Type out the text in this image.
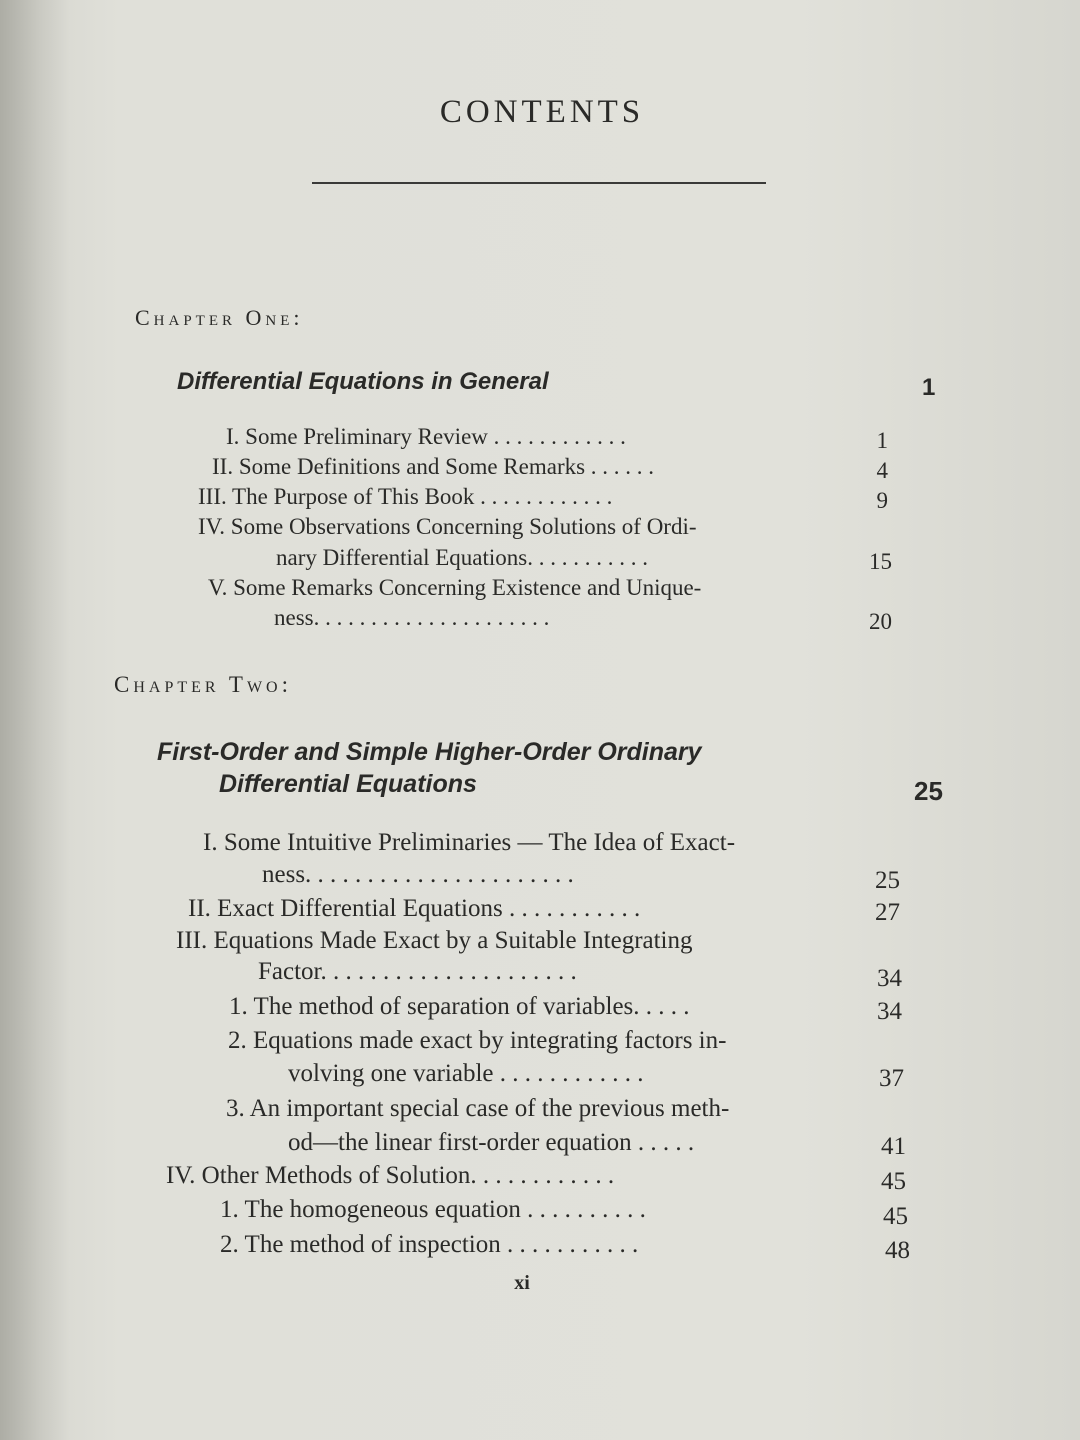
CONTENTS
Chapter One:
Differential Equations in General	1
I. Some Preliminary Review . . . . . . . . . . . .	1
II. Some Definitions and Some Remarks . . . . . .	4
III. The Purpose of This Book . . . . . . . . . . . .	9
IV. Some Observations Concerning Solutions of Ordi-
nary Differential Equations. . . . . . . . . . .	15
V. Some Remarks Concerning Existence and Unique-
ness. . . . . . . . . . . . . . . . . . . . .	20
Chapter Two:
First-Order and Simple Higher-Order Ordinary
Differential Equations	25
I. Some Intuitive Preliminaries — The Idea of Exact-
ness. . . . . . . . . . . . . . . . . . . . . .	25
II. Exact Differential Equations . . . . . . . . . . .	27
III. Equations Made Exact by a Suitable Integrating
Factor. . . . . . . . . . . . . . . . . . . . .	34
1. The method of separation of variables. . . . .	34
2. Equations made exact by integrating factors in-
volving one variable . . . . . . . . . . . .	37
3. An important special case of the previous meth-
od—the linear first-order equation . . . . .	41
IV. Other Methods of Solution. . . . . . . . . . . .	45
1. The homogeneous equation . . . . . . . . . .	45
2. The method of inspection . . . . . . . . . . .	48
xi
